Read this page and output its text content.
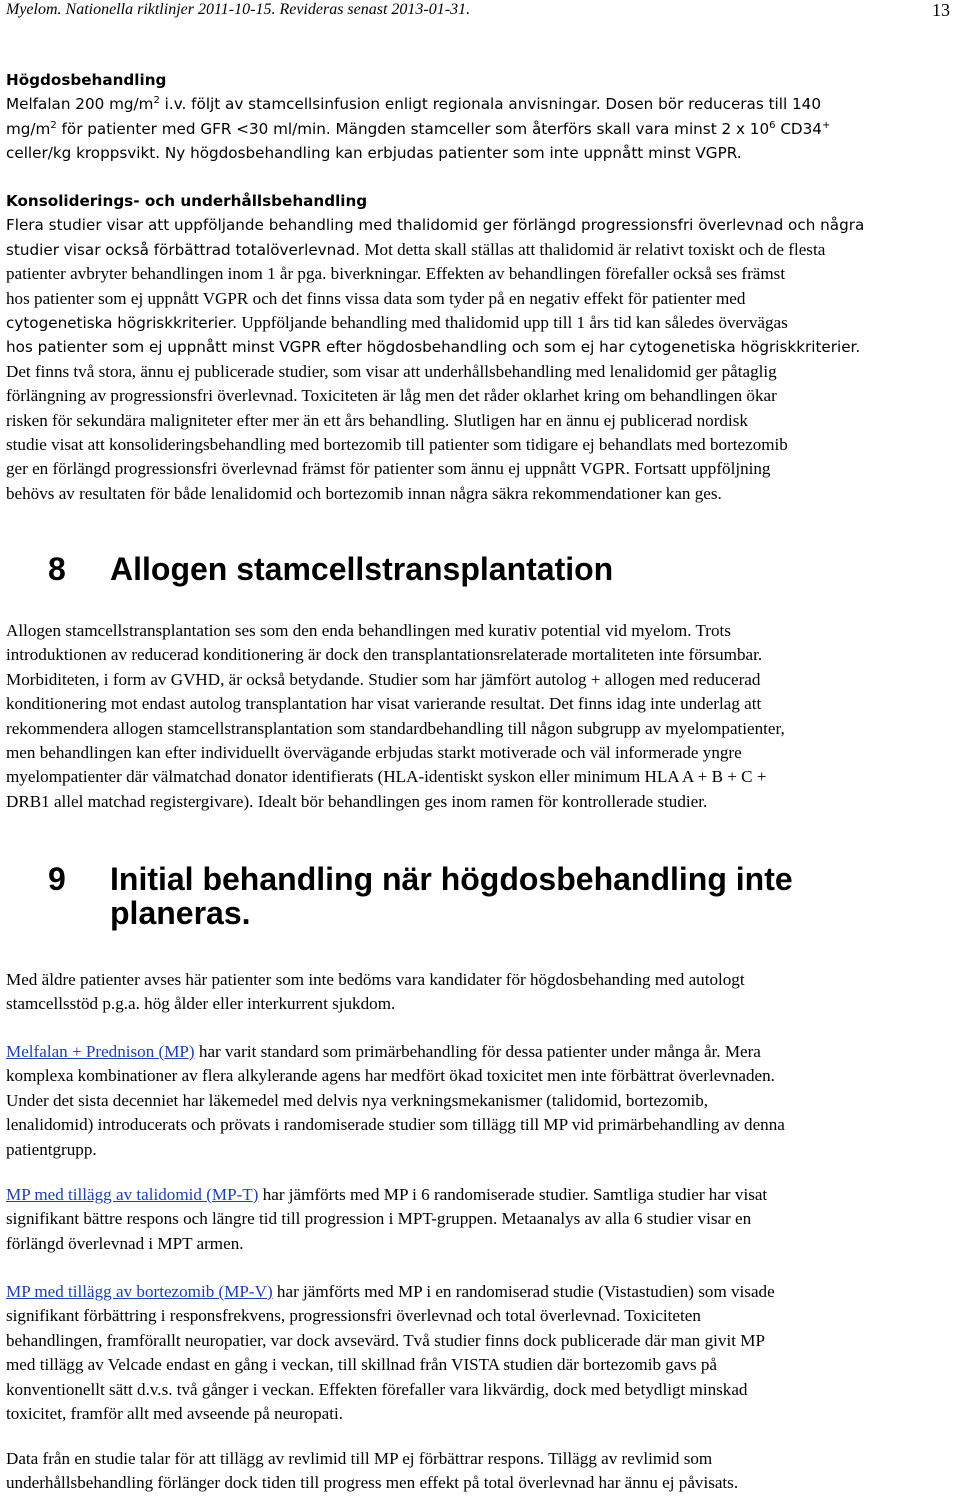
Myelom. Nationella riktlinjer 2011-10-15. Revideras senast 2013-01-31.	13
Högdosbehandling
Melfalan 200 $mg/m^2$ i.v. följt av stamcellsinfusion enligt regionala anvisningar. Dosen bör reduceras till 140
$mg/m^2$ för patienter med GFR <30 ml/min. Mängden stamceller som återförs skall vara minst 2 x $10^6$ CD34+
celler/kg kroppsvikt. Ny högdosbehandling kan erbjudas patienter som inte uppnått minst VGPR.
Konsoliderings- och underhållsbehandling
Flera studier visar att uppföljande behandling med thalidomid ger förlängd progressionsfri överlevnad och några
studier visar också förbättrad totalöverlevnad. Mot detta skall ställas att thalidomid är relativt toxiskt och de flesta
patienter avbryter behandlingen inom 1 år pga. biverkningar. Effekten av behandlingen förefaller också ses främst
hos patienter som ej uppnått VGPR och det finns vissa data som tyder på en negativ effekt för patienter med
cytogenetiska högriskkriterier. Uppföljande behandling med thalidomid upp till 1 års tid kan således övervägas
hos patienter som ej uppnått minst VGPR efter högdosbehandling och som ej har cytogenetiska högriskkriterier.
Det finns två stora, ännu ej publicerade studier, som visar att underhållsbehandling med lenalidomid ger påtaglig
förlängning av progressionsfri överlevnad. Toxiciteten är låg men det råder oklarhet kring om behandlingen ökar
risken för sekundära maligniteter efter mer än ett års behandling. Slutligen har en ännu ej publicerad nordisk
studie visat att konsolideringsbehandling med bortezomib till patienter som tidigare ej behandlats med bortezomib
ger en förlängd progressionsfri överlevnad främst för patienter som ännu ej uppnått VGPR. Fortsatt uppföljning
behövs av resultaten för både lenalidomid och bortezomib innan några säkra rekommendationer kan ges.
8 Allogen stamcellstransplantation
Allogen stamcellstransplantation ses som den enda behandlingen med kurativ potential vid myelom. Trots
introduktionen av reducerad konditionering är dock den transplantationsrelaterade mortaliteten inte försumbar.
Morbiditeten, i form av GVHD, är också betydande. Studier som har jämfört autolog + allogen med reducerad
konditionering mot endast autolog transplantation har visat varierande resultat. Det finns idag inte underlag att
rekommendera allogen stamcellstransplantation som standardbehandling till någon subgrupp av myelompatienter,
men behandlingen kan efter individuellt övervägande erbjudas starkt motiverade och väl informerade yngre
myelompatienter där välmatchad donator identifierats (HLA-identiskt syskon eller minimum HLA A + B + C +
DRB1 allel matchad registergivare). Idealt bör behandlingen ges inom ramen för kontrollerade studier.
9 Initial behandling när högdosbehandling inte planeras.
Med äldre patienter avses här patienter som inte bedöms vara kandidater för högdosbehanding med autologt
stamcellsstöd p.g.a. hög ålder eller interkurrent sjukdom.
Melfalan + Prednison (MP) har varit standard som primärbehandling för dessa patienter under många år. Mera
komplexa kombinationer av flera alkylerande agens har medfört ökad toxicitet men inte förbättrat överlevnaden.
Under det sista decenniet har läkemedel med delvis nya verkningsmekanismer (talidomid, bortezomib,
lenalidomid) introducerats och prövats i randomiserade studier som tillägg till MP vid primärbehandling av denna
patientgrupp.
MP med tillägg av talidomid (MP-T) har jämförts med MP i 6 randomiserade studier. Samtliga studier har visat
signifikant bättre respons och längre tid till progression i MPT-gruppen. Metaanalys av alla 6 studier visar en
förlängd överlevnad i MPT armen.
MP med tillägg av bortezomib (MP-V) har jämförts med MP i en randomiserad studie (Vistastudien) som visade
signifikant förbättring i responsfrekvens, progressionsfri överlevnad och total överlevnad. Toxiciteten
behandlingen, framförallt neuropatier, var dock avsevärd. Två studier finns dock publicerade där man givit MP
med tillägg av Velcade endast en gång i veckan, till skillnad från VISTA studien där bortezomib gavs på
konventionellt sätt d.v.s. två gånger i veckan. Effekten förefaller vara likvärdig, dock med betydligt minskad
toxicitet, framför allt med avseende på neuropati.
Data från en studie talar för att tillägg av revlimid till MP ej förbättrar respons. Tillägg av revlimid som
underhållsbehandling förlänger dock tiden till progress men effekt på total överlevnad har ännu ej påvisats.
